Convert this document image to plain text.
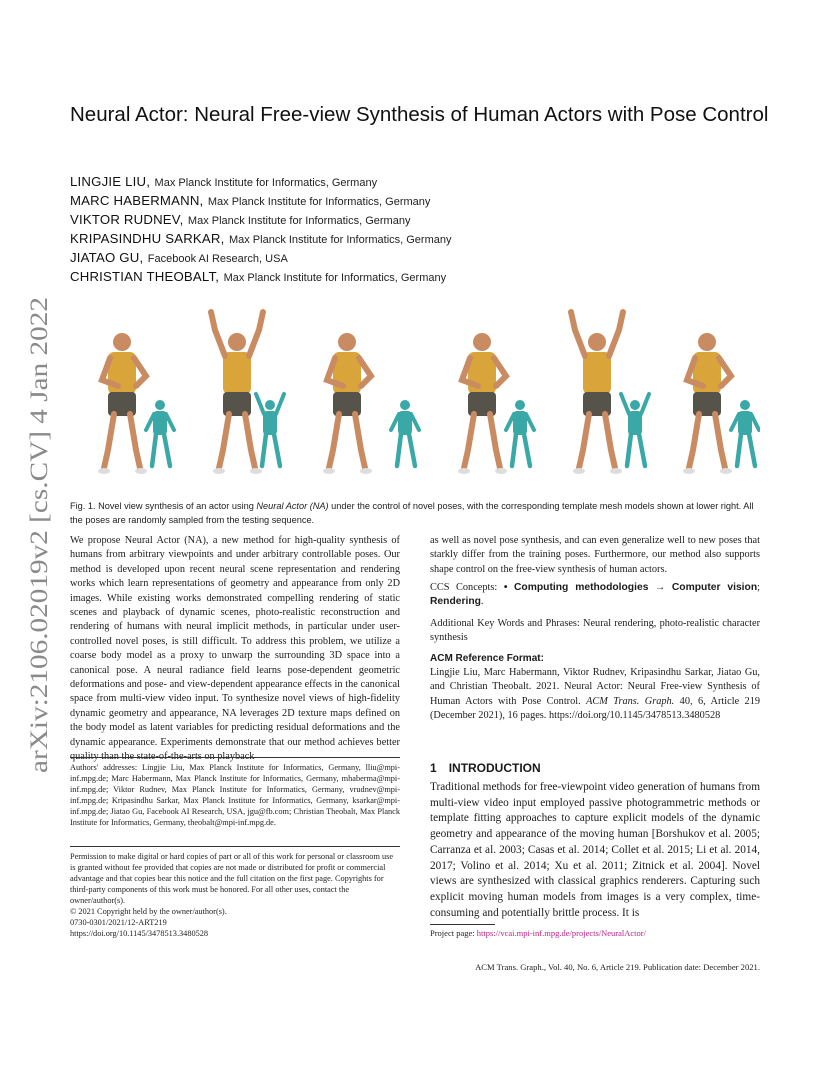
arXiv:2106.02019v2 [cs.CV] 4 Jan 2022
Neural Actor: Neural Free-view Synthesis of Human Actors with Pose Control
LINGJIE LIU, Max Planck Institute for Informatics, Germany
MARC HABERMANN, Max Planck Institute for Informatics, Germany
VIKTOR RUDNEV, Max Planck Institute for Informatics, Germany
KRIPASINDHU SARKAR, Max Planck Institute for Informatics, Germany
JIATAO GU, Facebook AI Research, USA
CHRISTIAN THEOBALT, Max Planck Institute for Informatics, Germany

Fig. 1. Novel view synthesis of an actor using Neural Actor (NA) under the control of novel poses, with the corresponding template mesh models shown at lower right. All the poses are randomly sampled from the testing sequence.

We propose Neural Actor (NA), a new method for high-quality synthesis of humans from arbitrary viewpoints and under arbitrary controllable poses. Our method is developed upon recent neural scene representation and rendering works which learn representations of geometry and appearance from only 2D images. While existing works demonstrated compelling rendering of static scenes and playback of dynamic scenes, photo-realistic reconstruction and rendering of humans with neural implicit methods, in particular under user-controlled novel poses, is still difficult. To address this problem, we utilize a coarse body model as a proxy to unwarp the surrounding 3D space into a canonical pose. A neural radiance field learns pose-dependent geometric deformations and pose- and view-dependent appearance effects in the canonical space from multi-view video input. To synthesize novel views of high-fidelity dynamic geometry and appearance, NA leverages 2D texture maps defined on the body model as latent variables for predicting residual deformations and the dynamic appearance. Experiments demonstrate that our method achieves better quality than the state-of-the-arts on playback

as well as novel pose synthesis, and can even generalize well to new poses that starkly differ from the training poses. Furthermore, our method also supports shape control on the free-view synthesis of human actors.

CCS Concepts: • Computing methodologies → Computer vision; Rendering.

Additional Key Words and Phrases: Neural rendering, photo-realistic character synthesis

ACM Reference Format:

Lingjie Liu, Marc Habermann, Viktor Rudnev, Kripasindhu Sarkar, Jiatao Gu, and Christian Theobalt. 2021. Neural Actor: Neural Free-view Synthesis of Human Actors with Pose Control. ACM Trans. Graph. 40, 6, Article 219 (December 2021), 16 pages. https://doi.org/10.1145/3478513.3480528

1 INTRODUCTION

Traditional methods for free-viewpoint video generation of humans from multi-view video input employed passive photogrammetric methods or template fitting approaches to capture explicit models of the dynamic geometry and appearance of the moving human [Borshukov et al. 2005; Carranza et al. 2003; Casas et al. 2014; Collet et al. 2015; Li et al. 2014, 2017; Volino et al. 2014; Xu et al. 2011; Zitnick et al. 2004]. Novel views are synthesized with classical graphics renderers. Capturing such explicit moving human models from images is a very complex, time-consuming and potentially brittle process. It is

Authors' addresses: Lingjie Liu, Max Planck Institute for Informatics, Germany, lliu@mpi-inf.mpg.de; Marc Habermann, Max Planck Institute for Informatics, Germany, mhaberma@mpi-inf.mpg.de; Viktor Rudnev, Max Planck Institute for Informatics, Germany, vrudnev@mpi-inf.mpg.de; Kripasindhu Sarkar, Max Planck Institute for Informatics, Germany, ksarkar@mpi-inf.mpg.de; Jiatao Gu, Facebook AI Research, USA, jgu@fb.com; Christian Theobalt, Max Planck Institute for Informatics, Germany, theobalt@mpi-inf.mpg.de.

Permission to make digital or hard copies of part or all of this work for personal or classroom use is granted without fee provided that copies are not made or distributed for profit or commercial advantage and that copies bear this notice and the full citation on the first page. Copyrights for third-party components of this work must be honored. For all other uses, contact the owner/author(s).
© 2021 Copyright held by the owner/author(s).
0730-0301/2021/12-ART219
https://doi.org/10.1145/3478513.3480528	Project page: https://vcai.mpi-inf.mpg.de/projects/NeuralActor/

ACM Trans. Graph., Vol. 40, No. 6, Article 219. Publication date: December 2021.
